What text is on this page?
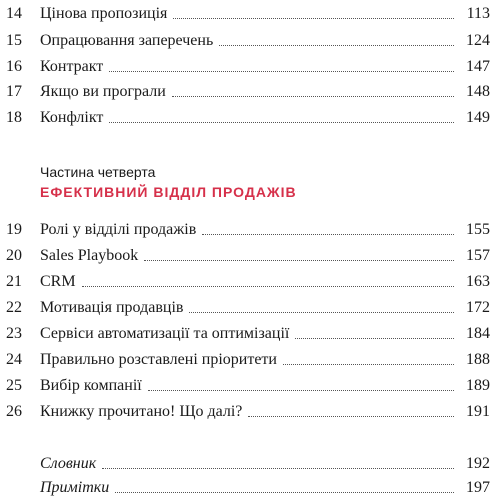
14	Цінова пропозиція	113
15	Опрацювання заперечень	124
16	Контракт	147
17	Якщо ви програли	148
18	Конфлікт	149
Частина четверта
ЕФЕКТИВНИЙ ВІДДІЛ ПРОДАЖІВ
19	Ролі у відділі продажів	155
20	Sales Playbook	157
21	CRM	163
22	Мотивація продавців	172
23	Сервіси автоматизації та оптимізації	184
24	Правильно розставлені пріоритети	188
25	Вибір компанії	189
26	Книжку прочитано! Що далі?	191
Словник	192
Примітки	197
